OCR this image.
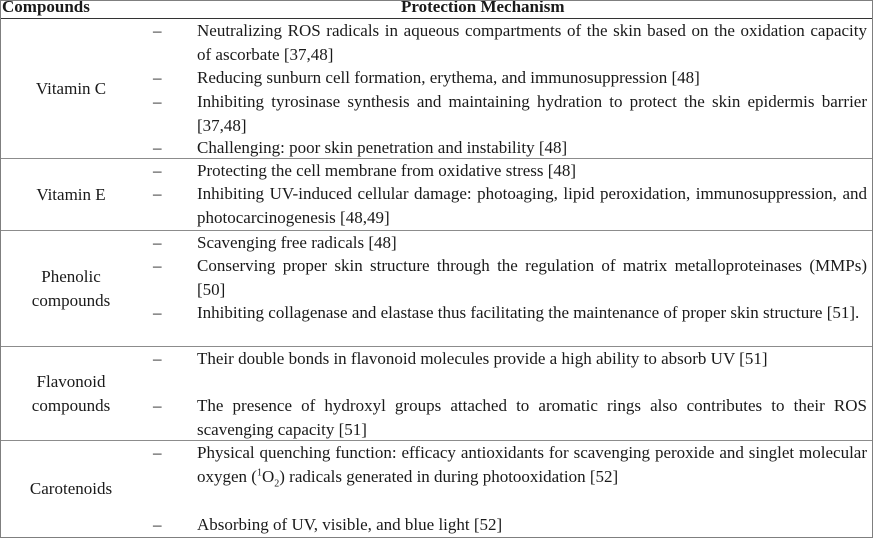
Compounds	Protection Mechanism
Vitamin C
– Neutralizing ROS radicals in aqueous compartments of the skin based on the oxidation capacity of ascorbate [37,48]
– Reducing sunburn cell formation, erythema, and immunosuppression [48]
– Inhibiting tyrosinase synthesis and maintaining hydration to protect the skin epidermis barrier [37,48]
– Challenging: poor skin penetration and instability [48]
Vitamin E
– Protecting the cell membrane from oxidative stress [48]
– Inhibiting UV-induced cellular damage: photoaging, lipid peroxidation, immunosuppression, and photocarcinogenesis [48,49]
Phenolic
compounds
– Scavenging free radicals [48]
– Conserving proper skin structure through the regulation of matrix metalloproteinases (MMPs) [50]
– Inhibiting collagenase and elastase thus facilitating the maintenance of proper skin structure [51].
Flavonoid
compounds
– Their double bonds in flavonoid molecules provide a high ability to absorb UV [51]
– The presence of hydroxyl groups attached to aromatic rings also contributes to their ROS scavenging capacity [51]
Carotenoids
– Physical quenching function: efficacy antioxidants for scavenging peroxide and singlet molecular oxygen $(^1O_2)$ radicals generated in during photooxidation [52]
– Absorbing of UV, visible, and blue light [52]
